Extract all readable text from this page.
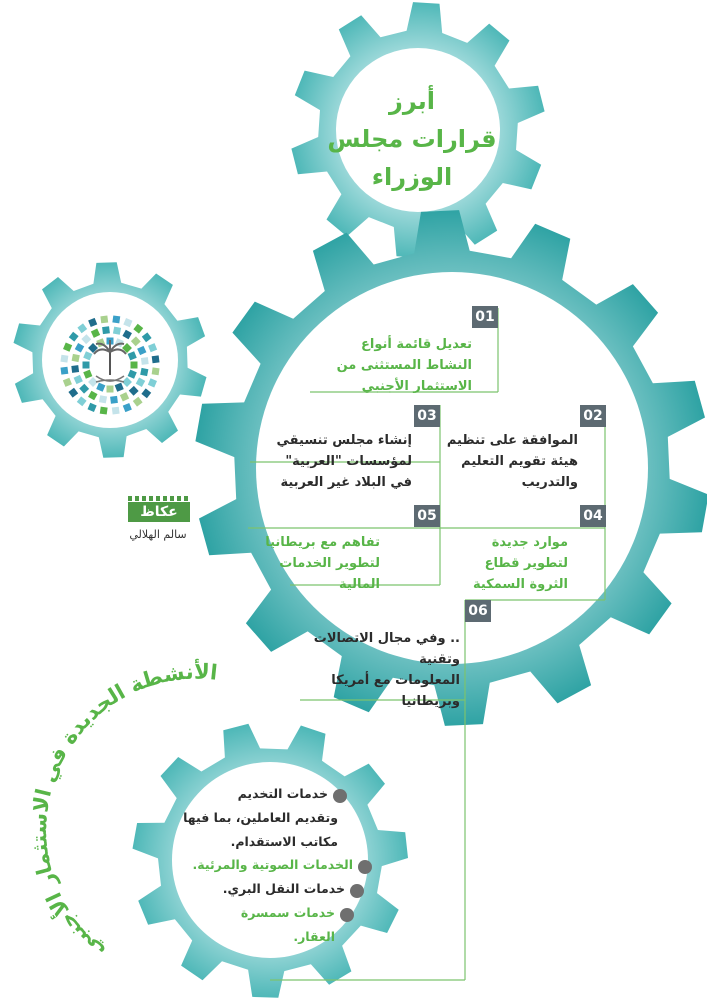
الأنشطة الجديدة في الاستثمار الأجنبي
أبرز
قرارات مجلس
الوزراء
01
تعديل قائمة أنواع
النشاط المستثنى من
الاستثمار الأجنبي
02
الموافقة على تنظيم
هيئة تقويم التعليم
والتدريب
03
إنشاء مجلس تنسيقي
لمؤسسات "العربية"
في البلاد غير العربية
04
موارد جديدة
لتطوير قطاع
الثروة السمكية
05
تفاهم مع بريطانيا
لتطوير الخدمات
المالية
06
.. وفي مجال الاتصالات وتقنية
المعلومات مع أمريكا
وبريطانيا
خدمات التخديم
وتقديم العاملين، بما فيها
مكاتب الاستقدام.
الخدمات الصوتية والمرئية.
خدمات النقل البري.
خدمات سمسرة
العقار.
عكاظ
سالم الهلالي
